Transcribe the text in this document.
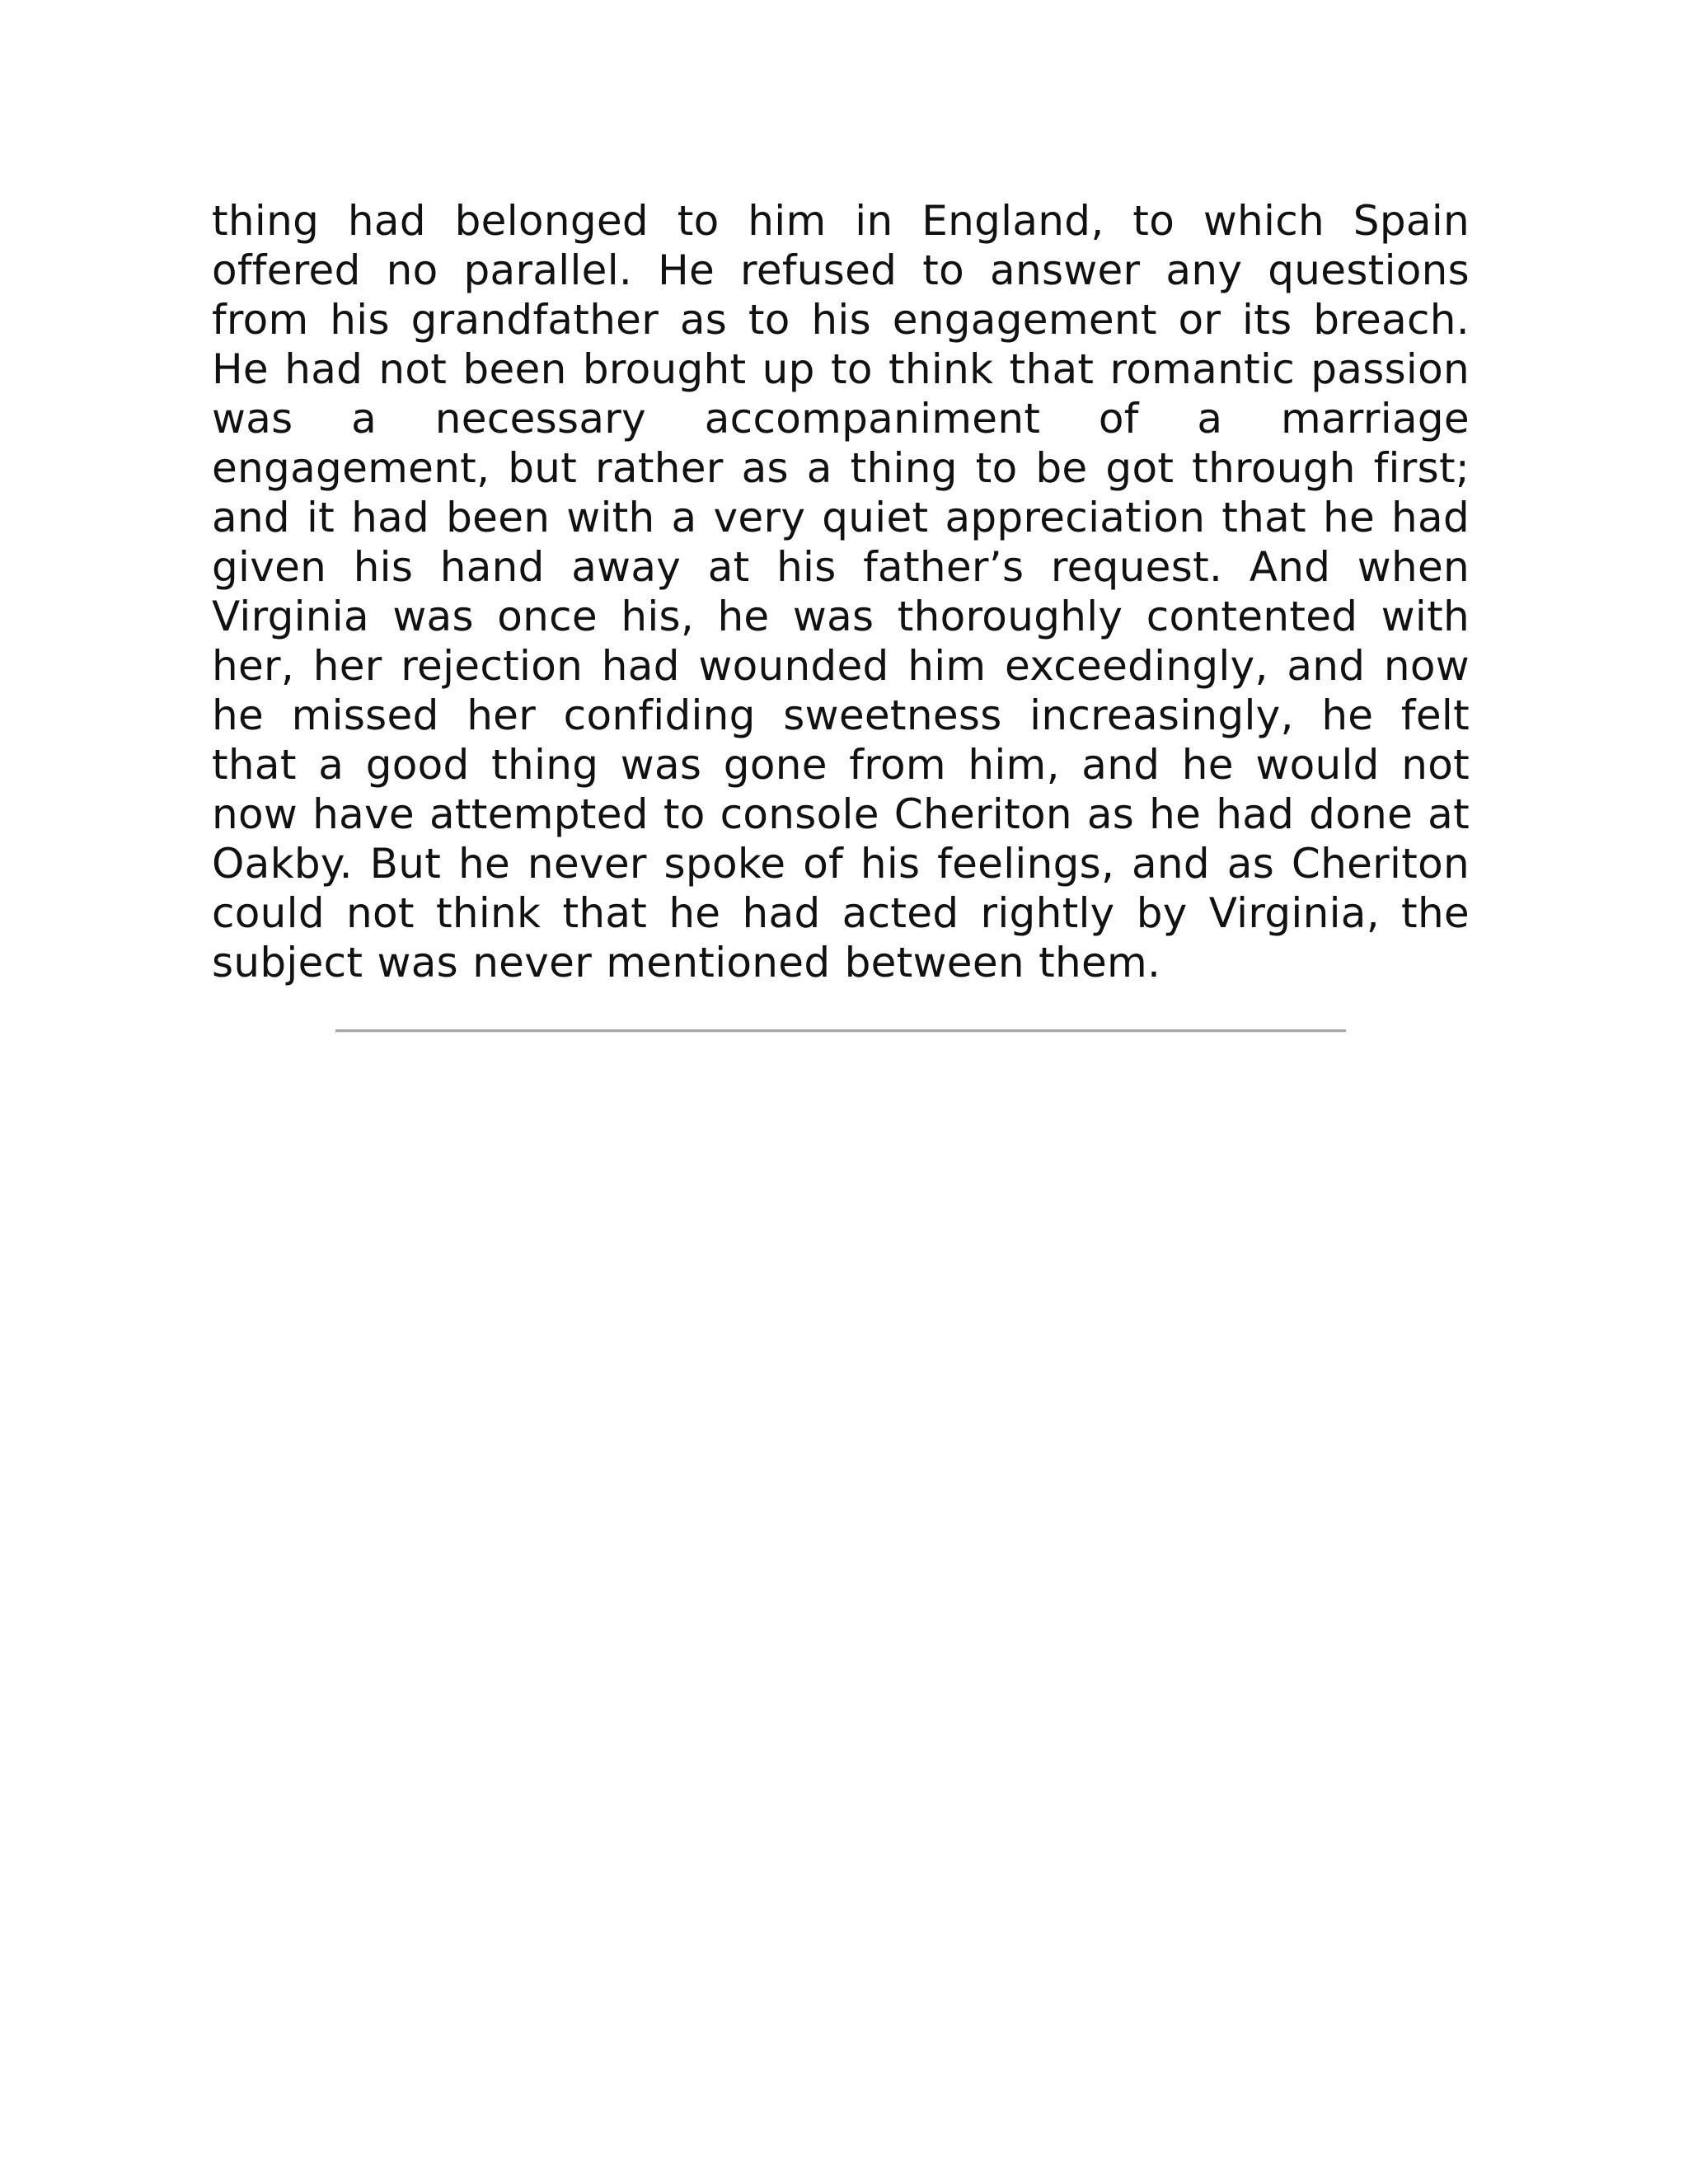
thing had belonged to him in England, to which Spain offered no parallel. He refused to answer any questions from his grandfather as to his engagement or its breach. He had not been brought up to think that romantic passion was a necessary accompaniment of a marriage engagement, but rather as a thing to be got through first; and it had been with a very quiet appreciation that he had given his hand away at his father’s request. And when Virginia was once his, he was thoroughly contented with her, her rejection had wounded him exceedingly, and now he missed her confiding sweetness increasingly, he felt that a good thing was gone from him, and he would not now have attempted to console Cheriton as he had done at Oakby. But he never spoke of his feelings, and as Cheriton could not think that he had acted rightly by Virginia, the subject was never mentioned between them.
